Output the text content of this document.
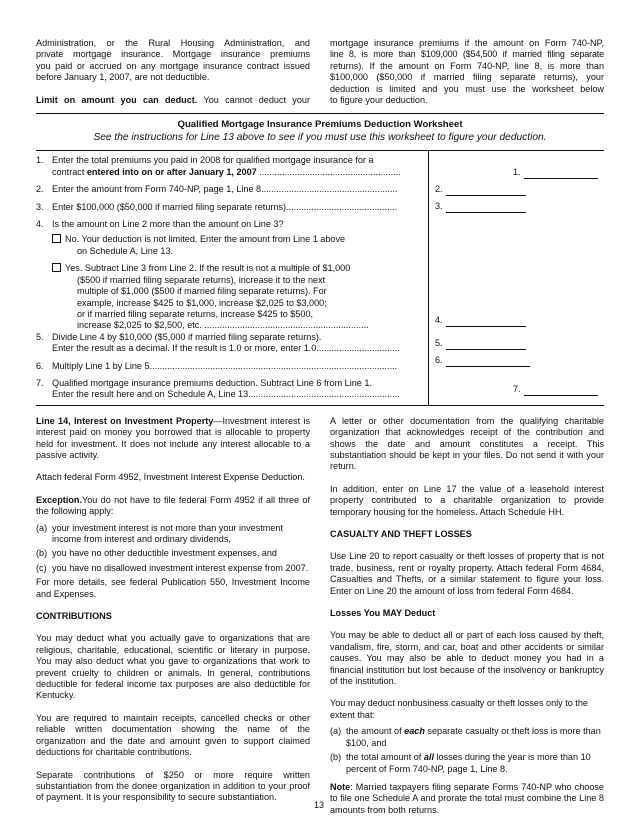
Administration, or the Rural Housing Administration, and

private mortgage insurance. Mortgage insurance premiums

you paid or accrued on any mortgage insurance contract issued

before January 1, 2007, are not deductible.

Limit on amount you can deduct. You cannot deduct your

mortgage insurance premiums if the amount on Form 740-NP,

line 8, is more than $109,000 ($54,500 if married filing separate

returns). If the amount on Form 740-NP, line 8, is more than

$100,000 ($50,000 if married filing separate returns), your

deduction is limited and you must use the worksheet below

to figure your deduction.

Qualified Mortgage Insurance Premiums Deduction Worksheet
See the instructions for Line 13 above to see if you must use this worksheet to figure your deduction.
1. Enter the total premiums you paid in 2008 for qualified mortgage insurance for a
contract entered into on or after January 1, 2007 ........................................................
2. Enter the amount from Form 740-NP, page 1, Line 8......................................................
3. Enter $100,000 ($50,000 if married filing separate returns)............................................
4. Is the amount on Line 2 more than the amount on Line 3?
No. Your deduction is not limited. Enter the amount from Line 1 above
on Schedule A, Line 13.
Yes. Subtract Line 3 from Line 2. If the result is not a multiple of $1,000
($500 if married filing separate returns), increase it to the next
multiple of $1,000 ($500 if married filing separate returns). For
example, increase $425 to $1,000, increase $2,025 to $3,000;
or if married filing separate returns, increase $425 to $500,
increase $2,025 to $2,500, etc. .................................................................
5. Divide Line 4 by $10,000 ($5,000 if married filing separate returns).
Enter the result as a decimal. If the result is 1.0 or more, enter 1.0.................................
6. Multiply Line 1 by Line 5..................................................................................................
7. Qualified mortgage insurance premiums deduction. Subtract Line 6 from Line 1.
Enter the result here and on Schedule A, Line 13............................................................
1.
2.
3.
4.
5.
6.
7.

Line 14, Interest on Investment Property—Investment interest is interest paid on money you borrowed that is allocable to property held for investment. It does not include any interest allocable to a passive activity.

Attach federal Form 4952, Investment Interest Expense Deduction.

Exception.You do not have to file federal Form 4952 if all three of the following apply:

(a) your investment interest is not more than your investment income from interest and ordinary dividends,
(b) you have no other deductible investment expenses, and
(c) you have no disallowed investment interest expense from 2007.

For more details, see federal Publication 550, Investment Income and Expenses.

CONTRIBUTIONS

You may deduct what you actually gave to organizations that are religious, charitable, educational, scientific or literary in purpose. You may also deduct what you gave to organizations that work to prevent cruelty to children or animals. In general, contributions deductible for federal income tax purposes are also deductible for Kentucky.

You are required to maintain receipts, cancelled checks or other reliable written documentation showing the name of the organization and the date and amount given to support claimed deductions for charitable contributions.

Separate contributions of $250 or more require written substantiation from the donee organization in addition to your proof of payment. It is your responsibility to secure substantiation.

A letter or other documentation from the qualifying charitable organization that acknowledges receipt of the contribution and shows the date and amount constitutes a receipt. This substantiation should be kept in your files. Do not send it with your return.

In addition, enter on Line 17 the value of a leasehold interest property contributed to a charitable organization to provide temporary housing for the homeless. Attach Schedule HH.

CASUALTY AND THEFT LOSSES

Use Line 20 to report casualty or theft losses of property that is not trade, business, rent or royalty property. Attach federal Form 4684, Casualties and Thefts, or a similar statement to figure your loss. Enter on Line 20 the amount of loss from federal Form 4684.

Losses You MAY Deduct

You may be able to deduct all or part of each loss caused by theft, vandalism, fire, storm, and car, boat and other accidents or similar causes. You may also be able to deduct money you had in a financial institution but lost because of the insolvency or bankruptcy of the institution.

You may deduct nonbusiness casualty or theft losses only to the extent that:

(a) the amount of each separate casualty or theft loss is more than $100, and
(b) the total amount of all losses during the year is more than 10 percent of Form 740-NP, page 1, Line 8.

Note: Married taxpayers filing separate Forms 740-NP who choose to file one Schedule A and prorate the total must combine the Line 8 amounts from both returns.

13
